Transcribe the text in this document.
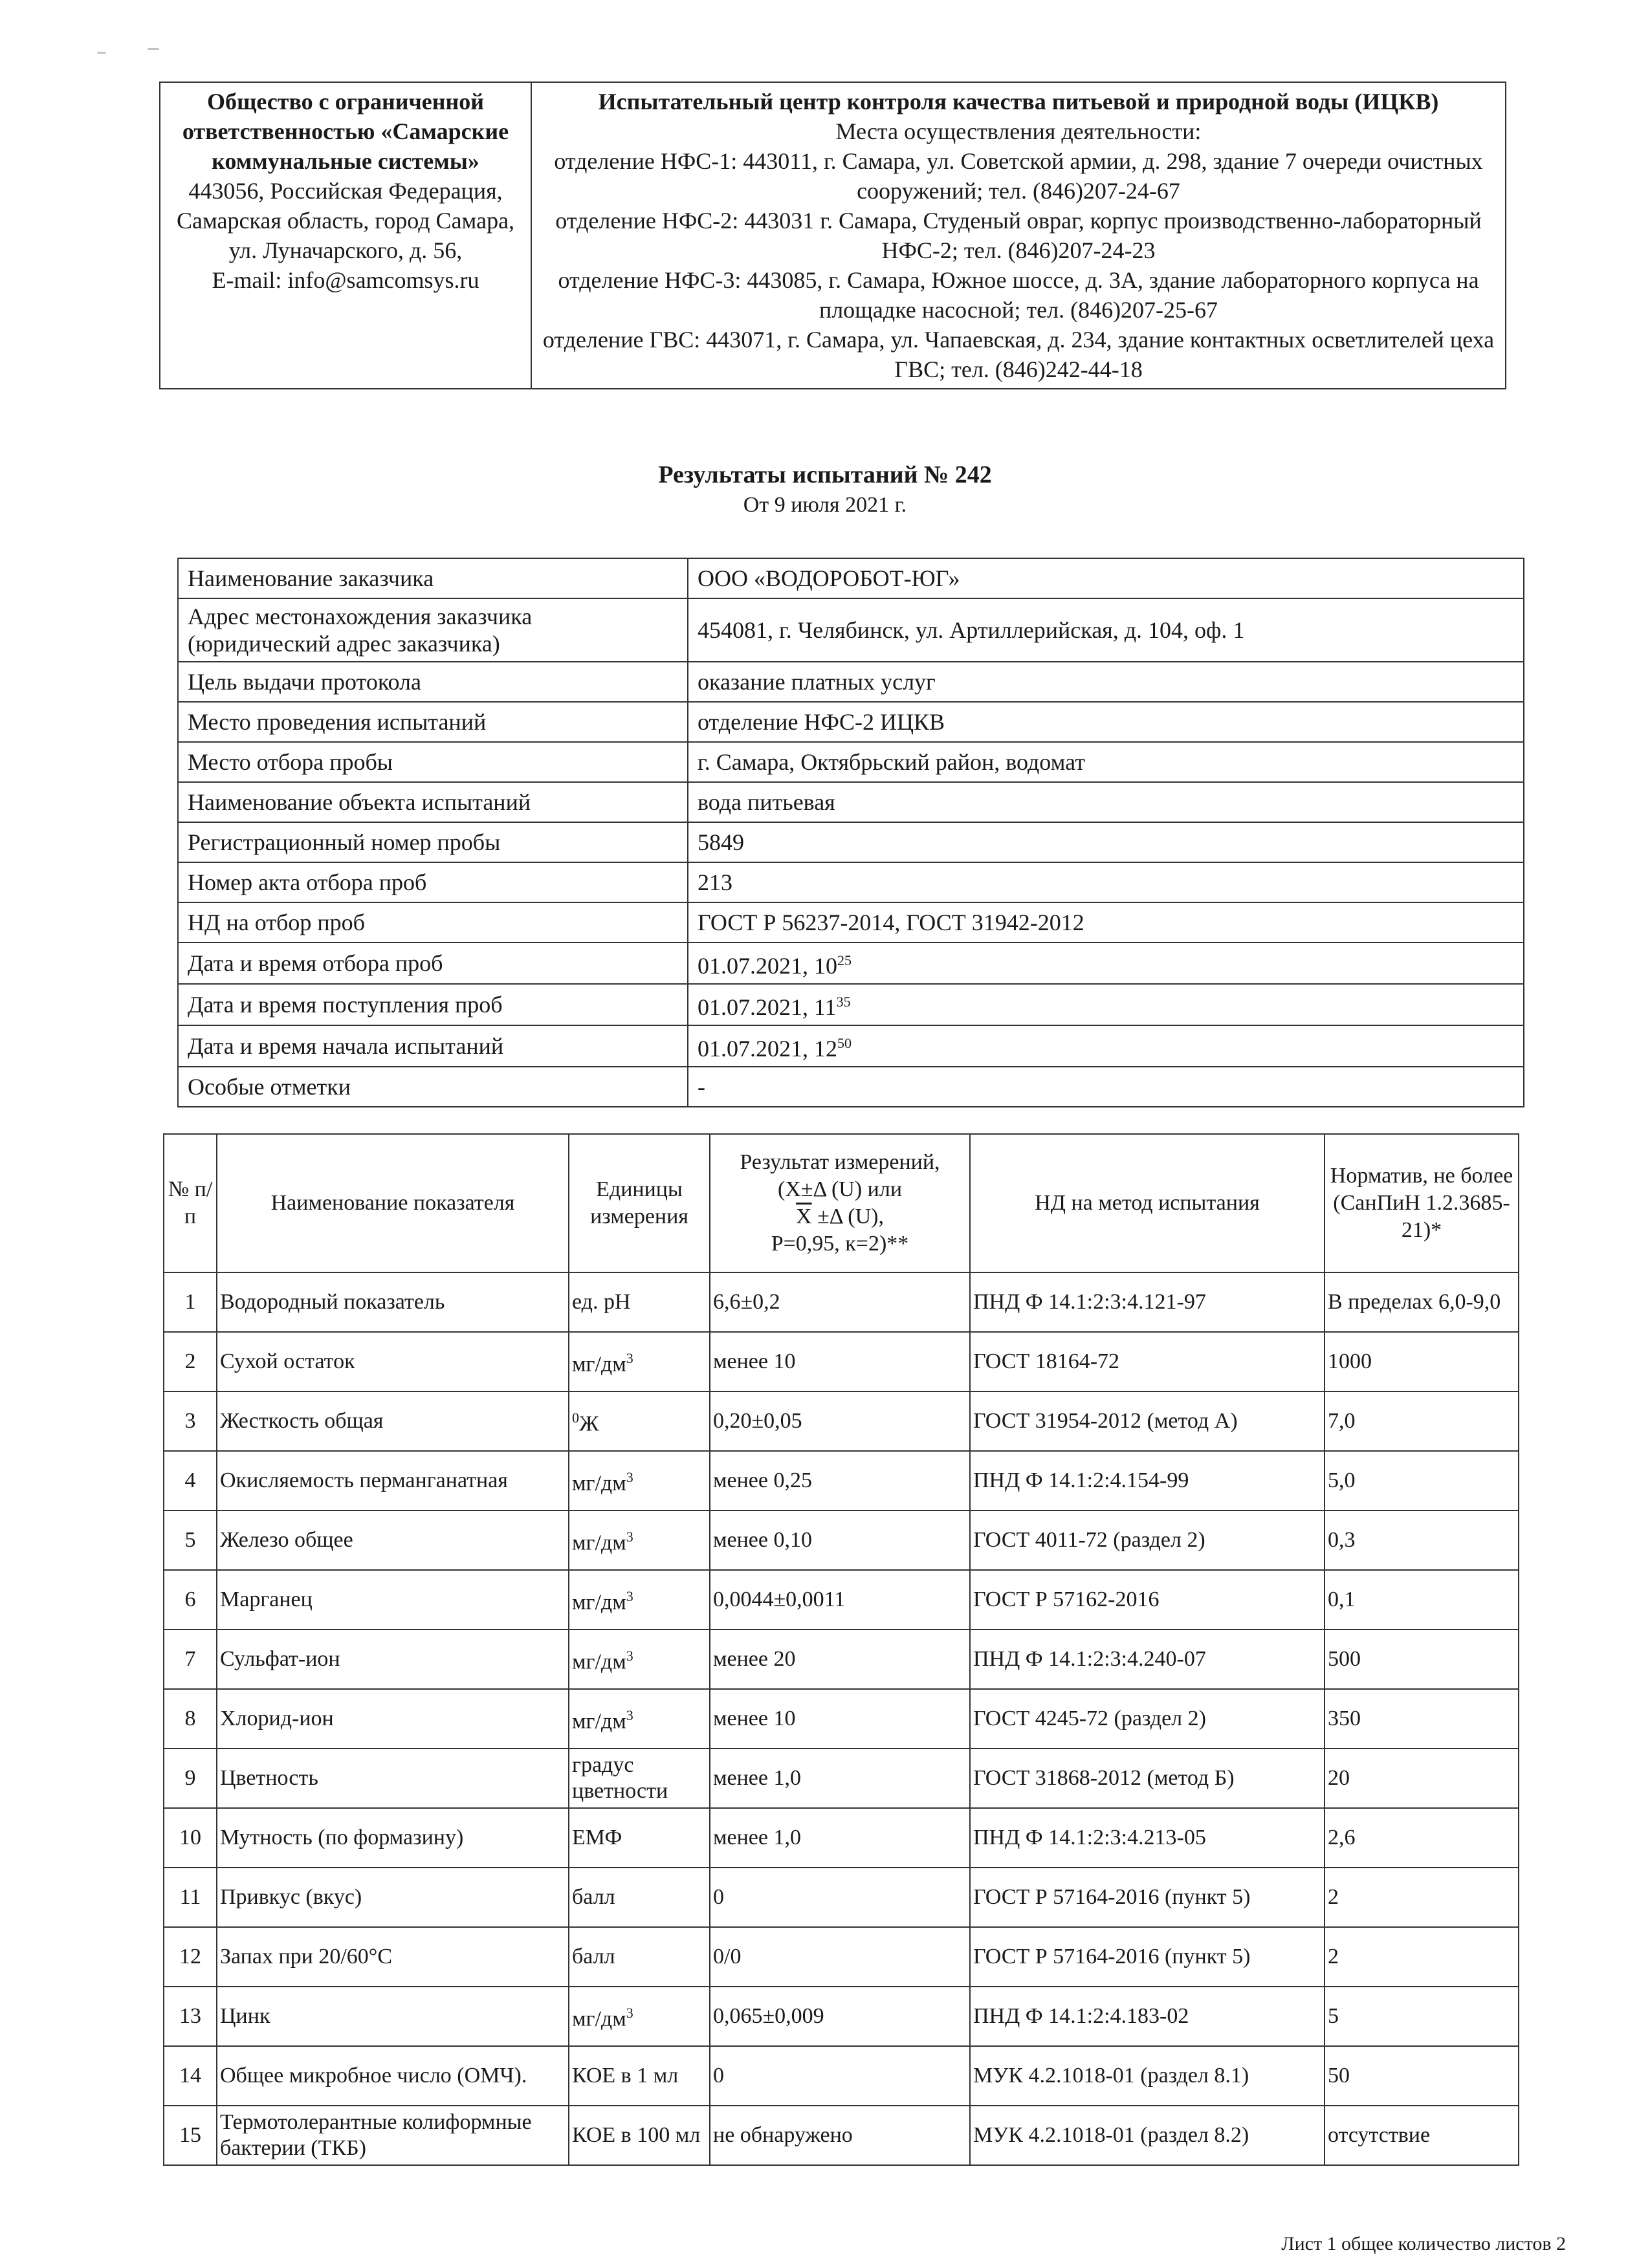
Общество с ограниченной ответственностью «Самарские коммунальные системы»
443056, Российская Федерация, Самарская область, город Самара, ул. Луначарского, д. 56,
E-mail: info@samcomsys.ru

Испытательный центр контроля качества питьевой и природной воды (ИЦКВ)
Места осуществления деятельности:
отделение НФС-1: 443011, г. Самара, ул. Советской армии, д. 298, здание 7 очереди очистных сооружений; тел. (846)207-24-67
отделение НФС-2: 443031 г. Самара, Студеный овраг, корпус производственно-лабораторный НФС-2; тел. (846)207-24-23
отделение НФС-3: 443085, г. Самара, Южное шоссе, д. 3А, здание лабораторного корпуса на площадке насосной; тел. (846)207-25-67
отделение ГВС: 443071, г. Самара, ул. Чапаевская, д. 234, здание контактных осветлителей цеха ГВС; тел. (846)242-44-18
Результаты испытаний № 242
От 9 июля 2021 г.
Наименование заказчика	ООО «ВОДОРОБОТ-ЮГ»
Адрес местонахождения заказчика (юридический адрес заказчика)	454081, г. Челябинск, ул. Артиллерийская, д. 104, оф. 1
Цель выдачи протокола	оказание платных услуг
Место проведения испытаний	отделение НФС-2 ИЦКВ
Место отбора пробы	г. Самара, Октябрьский район, водомат
Наименование объекта испытаний	вода питьевая
Регистрационный номер пробы	5849
Номер акта отбора проб	213
НД на отбор проб	ГОСТ Р 56237-2014, ГОСТ 31942-2012
Дата и время отбора проб	01.07.2021, $10^{25}$
Дата и время поступления проб	01.07.2021, $11^{35}$
Дата и время начала испытаний	01.07.2021, $12^{50}$
Особые отметки	-
№ п/п	Наименование показателя	Единицы измерения	Результат измерений,
(X±Δ (U) или
$\overline{X} \pm\Delta$ (U),
P=0,95, к=2)**	НД на метод испытания	Норматив, не более (СанПиН 1.2.3685-21)*
1	Водородный показатель	ед. pH	6,6±0,2	ПНД Ф 14.1:2:3:4.121-97	В пределах 6,0-9,0
2	Сухой остаток	$мг/дм^3$	менее 10	ГОСТ 18164-72	1000
3	Жесткость общая	$^0$Ж	0,20±0,05	ГОСТ 31954-2012 (метод А)	7,0
4	Окисляемость перманганатная	$мг/дм^3$	менее 0,25	ПНД Ф 14.1:2:4.154-99	5,0
5	Железо общее	$мг/дм^3$	менее 0,10	ГОСТ 4011-72 (раздел 2)	0,3
6	Марганец	$мг/дм^3$	0,0044±0,0011	ГОСТ Р 57162-2016	0,1
7	Сульфат-ион	$мг/дм^3$	менее 20	ПНД Ф 14.1:2:3:4.240-07	500
8	Хлорид-ион	$мг/дм^3$	менее 10	ГОСТ 4245-72 (раздел 2)	350
9	Цветность	градус цветности	менее 1,0	ГОСТ 31868-2012 (метод Б)	20
10	Мутность (по формазину)	ЕМФ	менее 1,0	ПНД Ф 14.1:2:3:4.213-05	2,6
11	Привкус (вкус)	балл	0	ГОСТ Р 57164-2016 (пункт 5)	2
12	Запах при 20/60°С	балл	0/0	ГОСТ Р 57164-2016 (пункт 5)	2
13	Цинк	$мг/дм^3$	0,065±0,009	ПНД Ф 14.1:2:4.183-02	5
14	Общее микробное число (ОМЧ).	КОЕ в 1 мл	0	МУК 4.2.1018-01 (раздел 8.1)	50
15	Термотолерантные колиформные бактерии (ТКБ)	КОЕ в 100 мл	не обнаружено	МУК 4.2.1018-01 (раздел 8.2)	отсутствие
Лист 1 общее количество листов 2
